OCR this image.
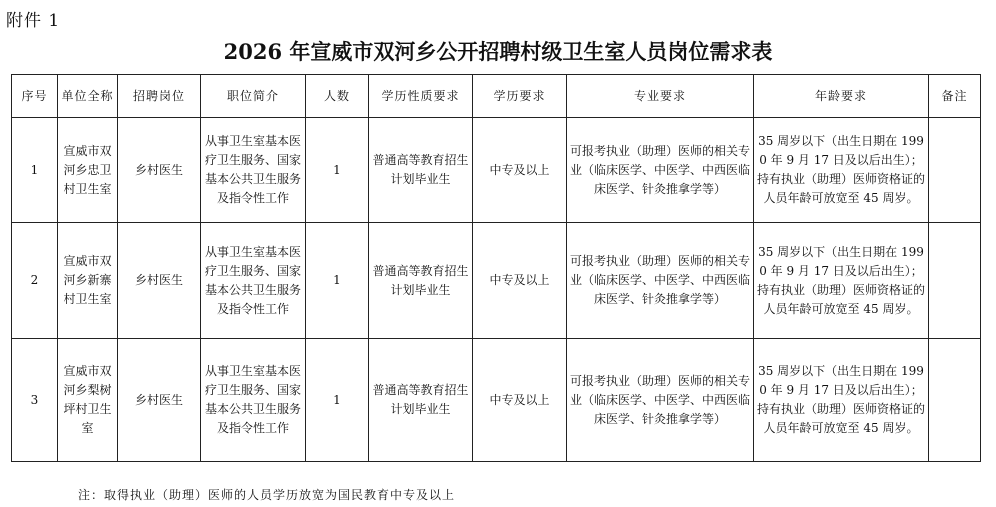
附件 1
2026 年宣威市双河乡公开招聘村级卫生室人员岗位需求表
序号	单位全称	招聘岗位	职位简介	人数	学历性质要求	学历要求	专业要求	年龄要求	备注
1	宣威市双河乡忠卫村卫生室	乡村医生	从事卫生室基本医疗卫生服务、国家基本公共卫生服务及指令性工作	1	普通高等教育招生计划毕业生	中专及以上	可报考执业（助理）医师的相关专业（临床医学、中医学、中西医临床医学、针灸推拿学等）	35 周岁以下（出生日期在 1990 年 9 月 17 日及以后出生）；持有执业（助理）医师资格证的人员年龄可放宽至 45 周岁。	
2	宣威市双河乡新寨村卫生室	乡村医生	从事卫生室基本医疗卫生服务、国家基本公共卫生服务及指令性工作	1	普通高等教育招生计划毕业生	中专及以上	可报考执业（助理）医师的相关专业（临床医学、中医学、中西医临床医学、针灸推拿学等）	35 周岁以下（出生日期在 1990 年 9 月 17 日及以后出生）；持有执业（助理）医师资格证的人员年龄可放宽至 45 周岁。	
3	宣威市双河乡梨树坪村卫生室	乡村医生	从事卫生室基本医疗卫生服务、国家基本公共卫生服务及指令性工作	1	普通高等教育招生计划毕业生	中专及以上	可报考执业（助理）医师的相关专业（临床医学、中医学、中西医临床医学、针灸推拿学等）	35 周岁以下（出生日期在 1990 年 9 月 17 日及以后出生）；持有执业（助理）医师资格证的人员年龄可放宽至 45 周岁。	
注：取得执业（助理）医师的人员学历放宽为国民教育中专及以上
